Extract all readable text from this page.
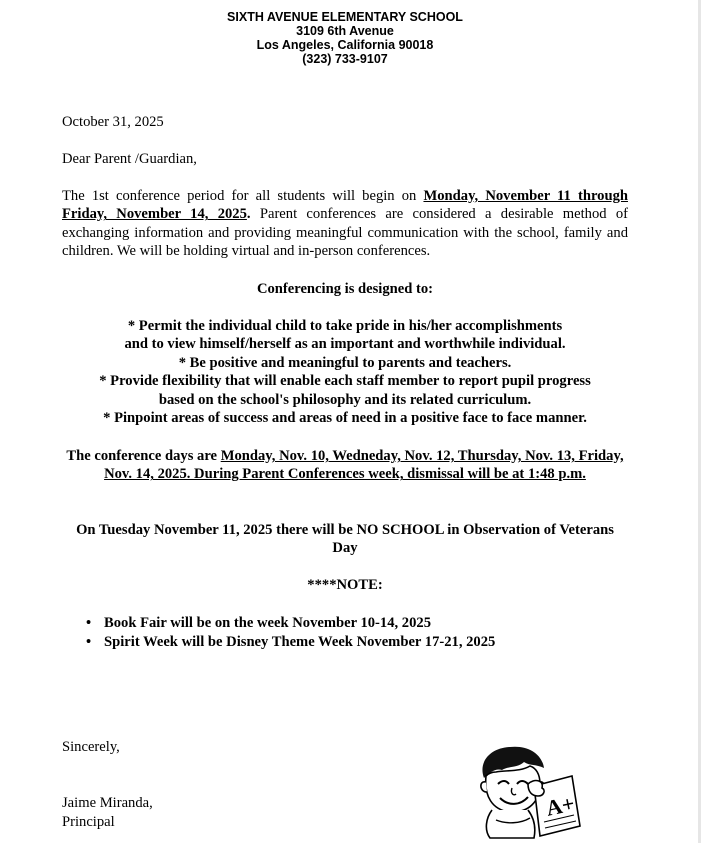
SIXTH AVENUE ELEMENTARY SCHOOL
3109 6th Avenue
Los Angeles, California 90018
(323) 733-9107
October 31, 2025
Dear Parent /Guardian,
The 1st conference period for all students will begin on Monday, November 11 through Friday, November 14, 2025. Parent conferences are considered a desirable method of exchanging information and providing meaningful communication with the school, family and children. We will be holding virtual and in-person conferences.
Conferencing is designed to:
* Permit the individual child to take pride in his/her accomplishments
and to view himself/herself as an important and worthwhile individual.
* Be positive and meaningful to parents and teachers.
* Provide flexibility that will enable each staff member to report pupil progress
based on the school's philosophy and its related curriculum.
* Pinpoint areas of success and areas of need in a positive face to face manner.
The conference days are Monday, Nov. 10, Wedneday, Nov. 12, Thursday, Nov. 13, Friday, Nov. 14, 2025. During Parent Conferences week, dismissal will be at 1:48 p.m.
On Tuesday November 11, 2025 there will be NO SCHOOL in Observation of Veterans Day
****NOTE:
• Book Fair will be on the week November 10-14, 2025
• Spirit Week will be Disney Theme Week November 17-21, 2025
Sincerely,
Jaime Miranda,
Principal
A+
